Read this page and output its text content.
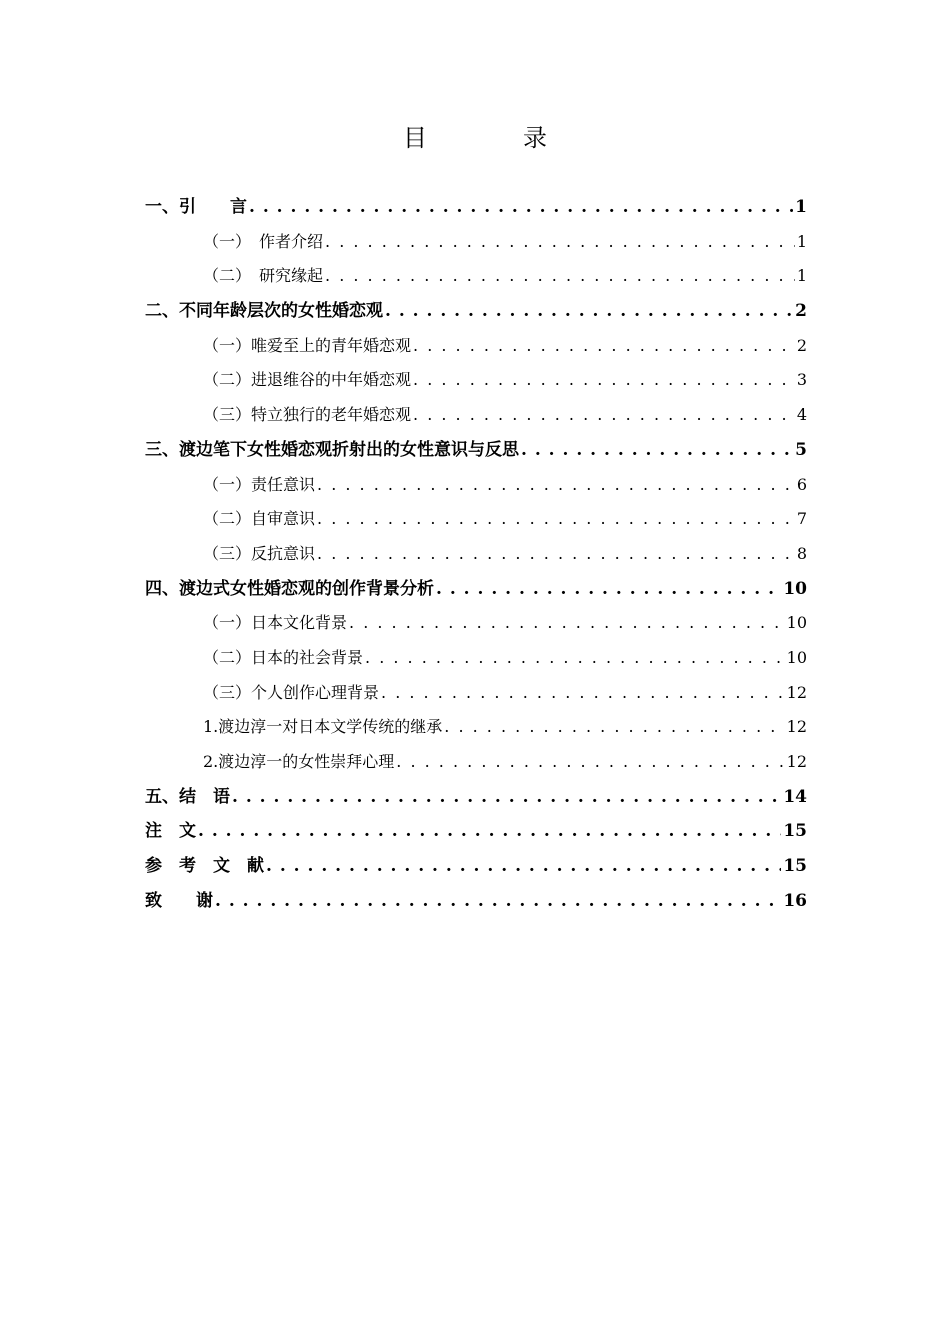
目　录
一、引　　言 . . .	1
（一）　作者介绍 . . .	1
（二）　研究缘起 . . .	1
二、不同年龄层次的女性婚恋观 . . .	2
（一）唯爱至上的青年婚恋观 . . .	2
（二）进退维谷的中年婚恋观 . . .	3
（三）特立独行的老年婚恋观 . . .	4
三、渡边笔下女性婚恋观折射出的女性意识与反思 . . .	5
（一）责任意识 . . .	6
（二）自审意识 . . .	7
（三）反抗意识 . . .	8
四、渡边式女性婚恋观的创作背景分析 . . .	10
（一）日本文化背景 . . .	10
（二）日本的社会背景 . . .	10
（三）个人创作心理背景 . . .	12
1.渡边淳一对日本文学传统的继承 . . .	12
2.渡边淳一的女性崇拜心理 . . .	12
五、结　语 . . .	14
注　文 . . .	15
参　考　文　献 . . .	15
致　　谢 . . .	16
